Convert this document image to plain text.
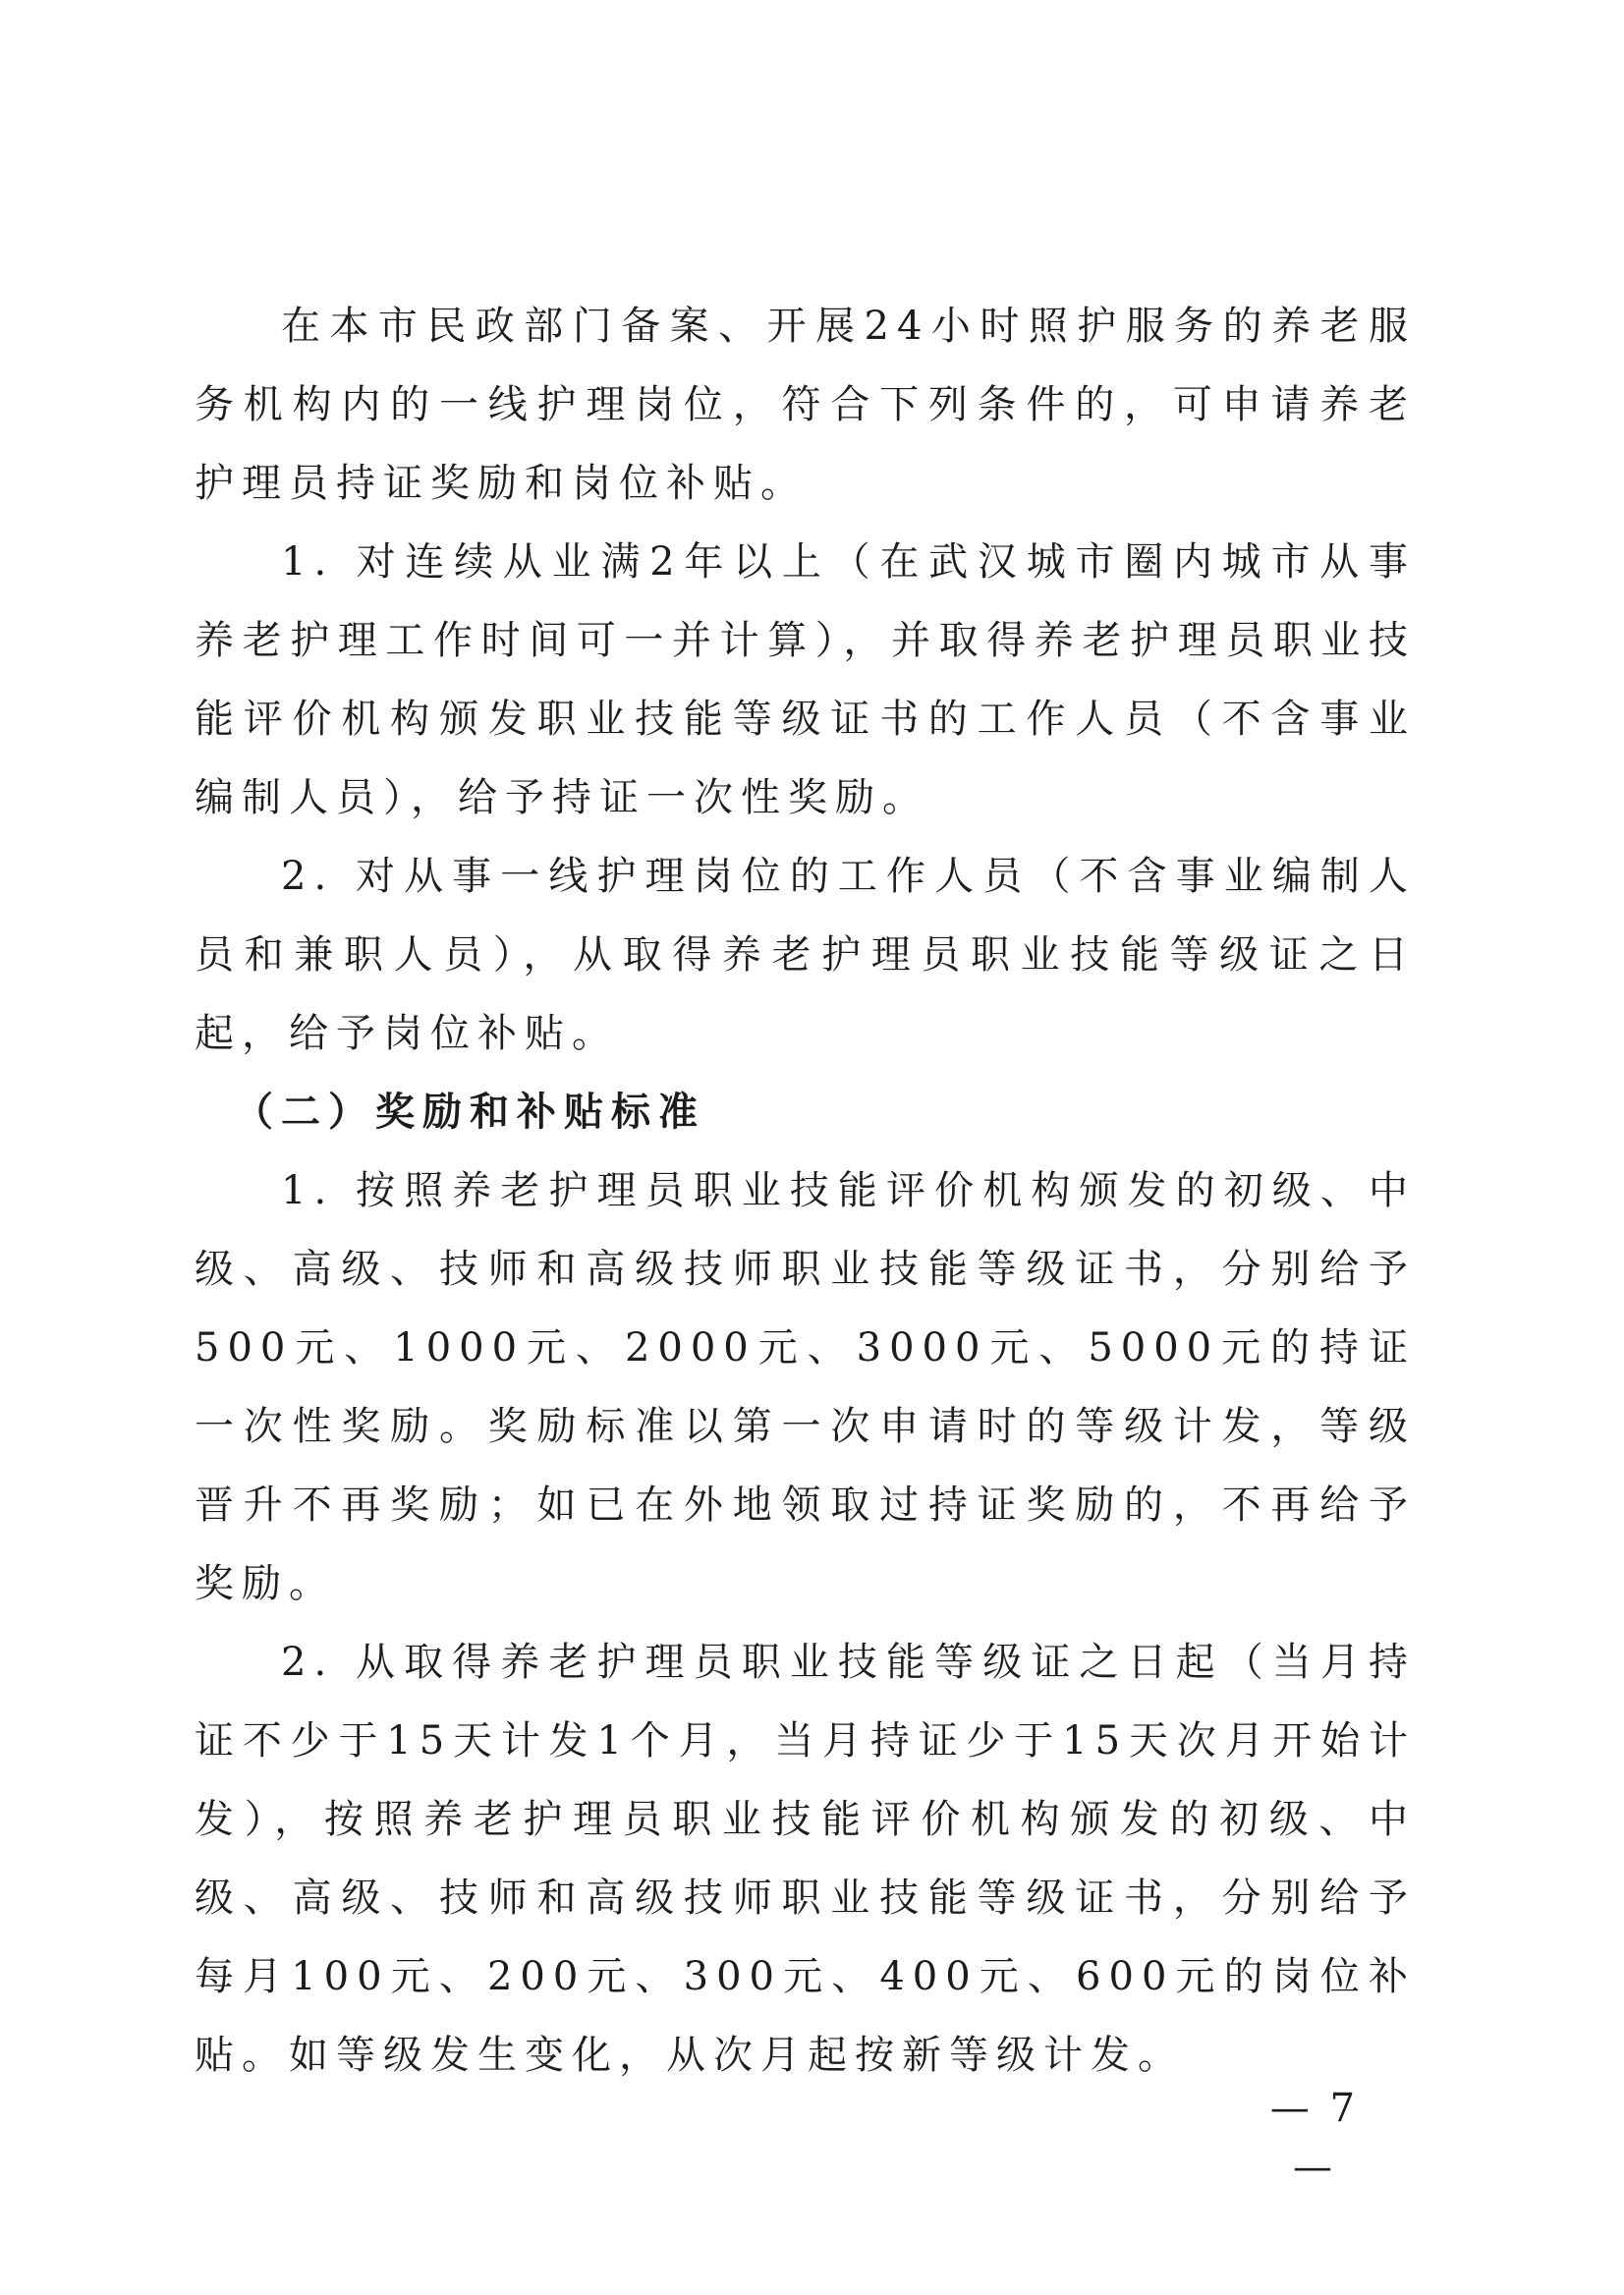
在本市民政部门备案、开展24小时照护服务的养老服务机构内的一线护理岗位，符合下列条件的，可申请养老护理员持证奖励和岗位补贴。

1. 对连续从业满2年以上（在武汉城市圈内城市从事养老护理工作时间可一并计算），并取得养老护理员职业技能评价机构颁发职业技能等级证书的工作人员（不含事业编制人员），给予持证一次性奖励。

2. 对从事一线护理岗位的工作人员（不含事业编制人员和兼职人员），从取得养老护理员职业技能等级证之日起，给予岗位补贴。

（二）奖励和补贴标准

1. 按照养老护理员职业技能评价机构颁发的初级、中级、高级、技师和高级技师职业技能等级证书，分别给予500元、1000元、2000元、3000元、5000元的持证一次性奖励。奖励标准以第一次申请时的等级计发，等级晋升不再奖励；如已在外地领取过持证奖励的，不再给予奖励。

2. 从取得养老护理员职业技能等级证之日起（当月持证不少于15天计发1个月，当月持证少于15天次月开始计发），按照养老护理员职业技能评价机构颁发的初级、中级、高级、技师和高级技师职业技能等级证书，分别给予每月100元、200元、300元、400元、600元的岗位补贴。如等级发生变化，从次月起按新等级计发。

— 7 —
